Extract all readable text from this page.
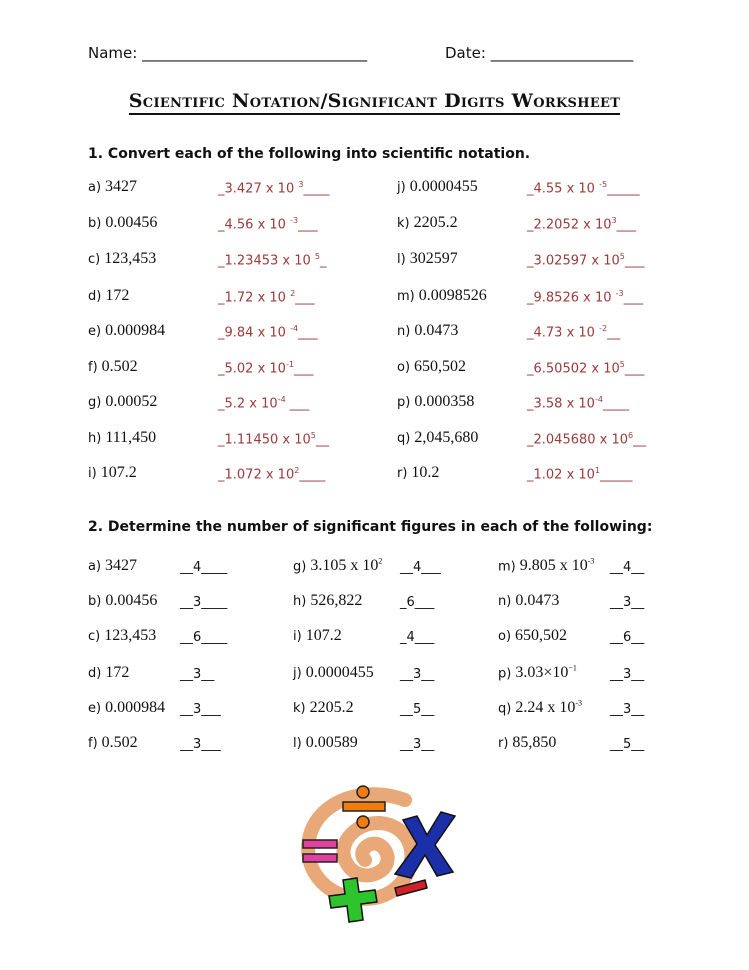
Name: ______________________________	Date: ___________________
Scientific Notation/Significant Digits Worksheet
1. Convert each of the following into scientific notation.
a) 3427	_3.427 x 10 $^3$____
b) 0.00456	_4.56 x 10 $^{-3}$___
c) 123,453	_1.23453 x 10 $^5$_
d) 172	_1.72 x 10 $^2$___
e) 0.000984	_9.84 x 10 $^{-4}$___
f) 0.502	_5.02 x $10^{-1}\_\_\_$
g) 0.00052	_5.2 x $10^{-4}$ ___
h) 111,450	_1.11450 x $10^5\_\_$
i) 107.2	_1.072 x $10^2\_\_\_\_$
j) 0.0000455	_4.55 x 10 $^{-5}$_____
k) 2205.2	_2.2052 x $10^3\_\_\_$
l) 302597	_3.02597 x $10^5\_\_\_$
m) 0.0098526	_9.8526 x 10 $^{-3}$___
n) 0.0473	_4.73 x 10 $^{-2}$__
o) 650,502	_6.50502 x $10^5\_\_\_$
p) 0.000358	_3.58 x $10^{-4}\_\_\_\_$
q) 2,045,680	_2.045680 x $10^6\_\_$
r) 10.2	_1.02 x $10^1\_\_\_\_\_$
2. Determine the number of significant figures in each of the following:
a) 3427	__4____
b) 0.00456 __3____
c) 123,453 __6____
d) 172	__3__
e) 0.000984 __3___
f) 0.502	__3___
g) 3.105 x $10^2$ __4___
h) 526,822	_6___
i) 107.2	_4___
j) 0.0000455 __3__
k) 2205.2	__5__
l) 0.00589	__3__
m) 9.805 x $10^{-3}$ __4__
n) 0.0473	__3__
o) 650,502	__6__
p) $3.03\times 10^{-1}$	__3__
q) 2.24 x $10^{-3}$ __3__
r) 85,850	__5__
